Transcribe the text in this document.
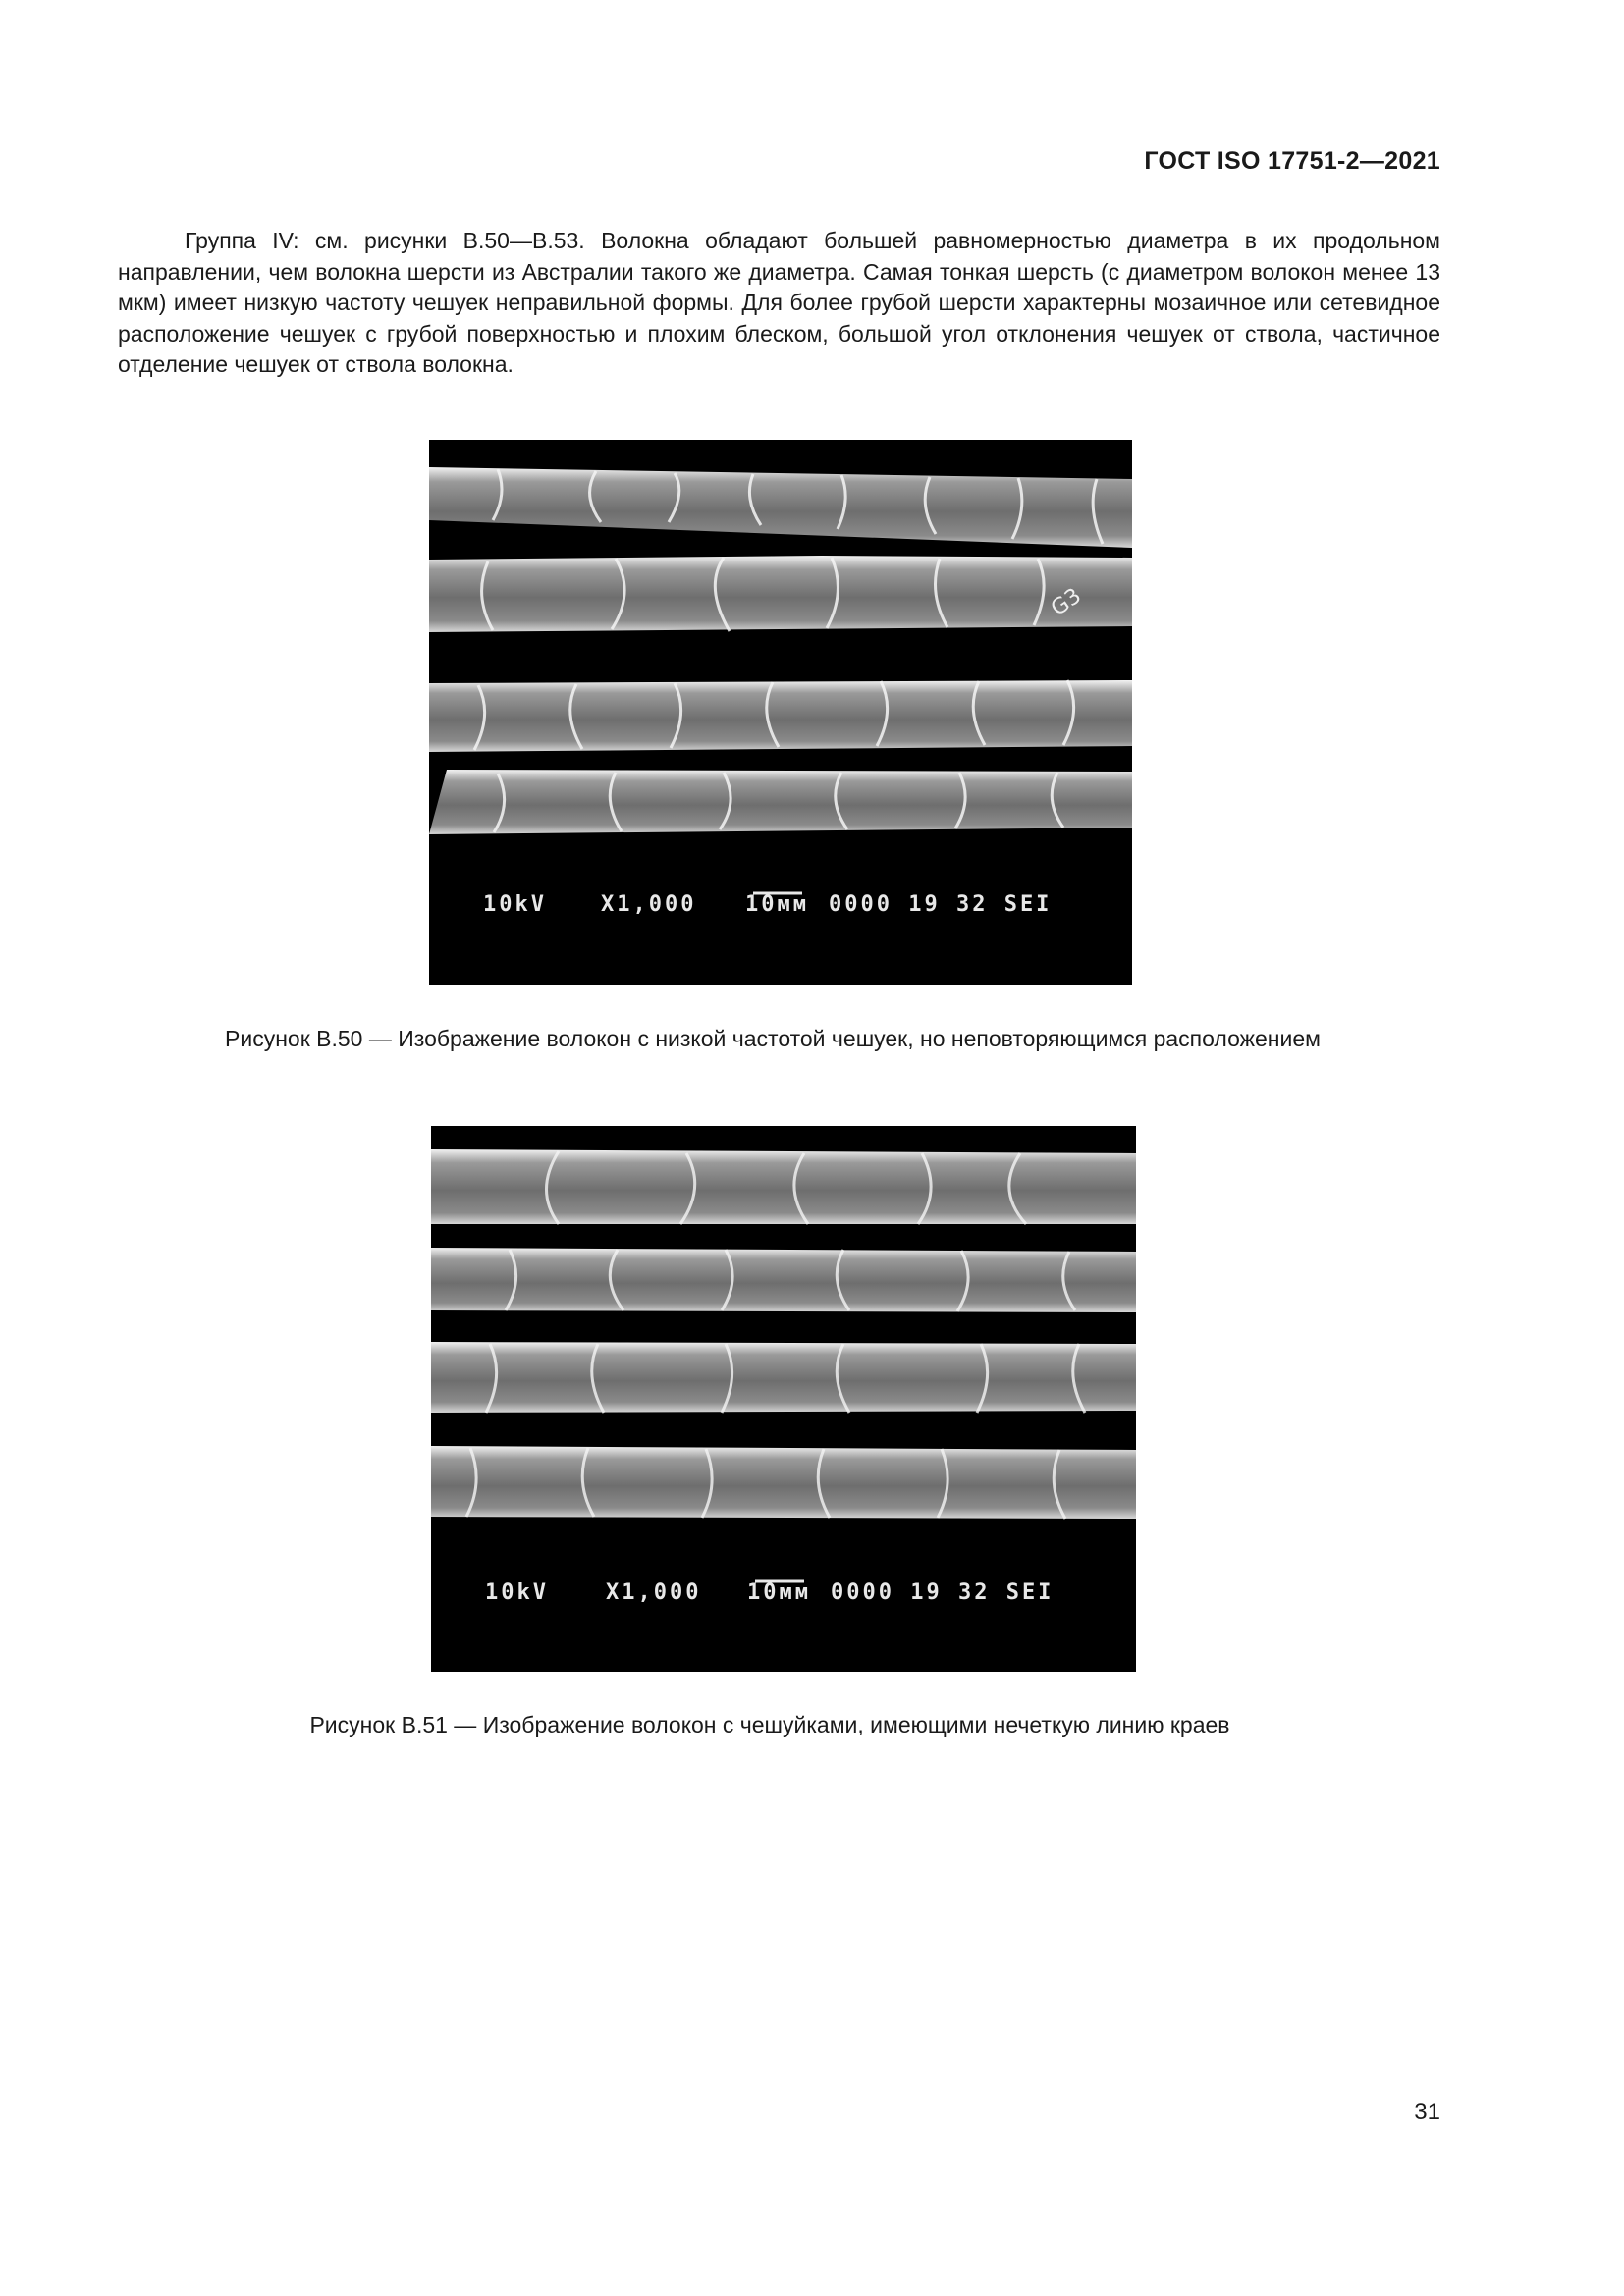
ГОСТ ISO 17751-2—2021

Группа IV: см. рисунки В.50—В.53. Волокна обладают большей равномерностью диаметра в их продольном направлении, чем волокна шерсти из Австралии такого же диаметра. Самая тонкая шерсть (с диаметром волокон менее 13 мкм) имеет низкую частоту чешуек неправильной формы. Для более грубой шерсти характерны мозаичное или сетевидное расположение чешуек с грубой поверхностью и плохим блеском, большой угол отклонения чешуек от ствола, частичное отделение чешуек от ствола волокна.

G3
10kV	X1,000 10мм 0000 19 32 SEI
Рисунок В.50 — Изображение волокон с низкой частотой чешуек, но неповторяющимся расположением
10kV	X1,000 10мм 0000 19 32 SEI
Рисунок В.51 — Изображение волокон с чешуйками, имеющими нечеткую линию краев
31
